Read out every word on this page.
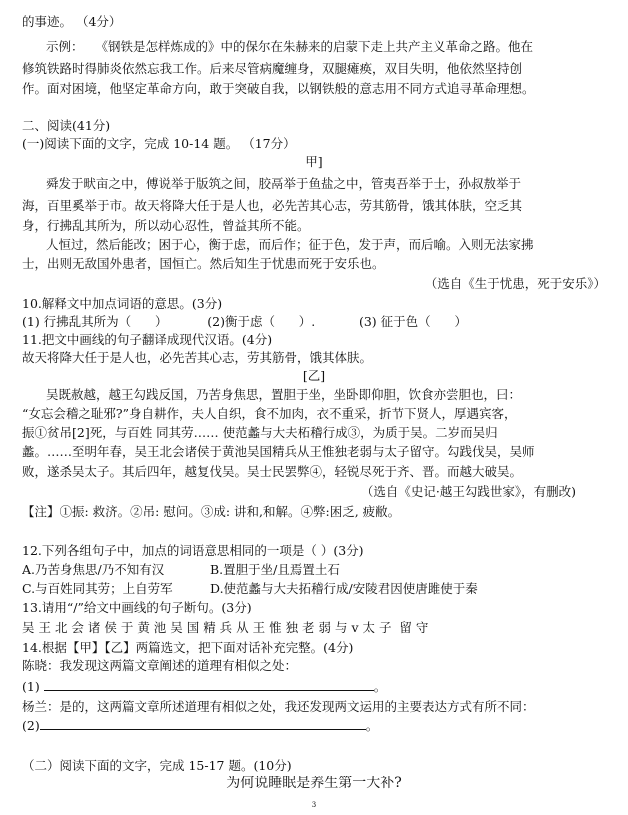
的事迹。 （4分）
示例： 《钢铁是怎样炼成的》中的保尔在朱赫来的启蒙下走上共产主义革命之路。他在
修筑铁路时得肺炎依然忘我工作。后来尽管病魔缠身，双腿瘫痪，双目失明，他依然坚持创
作。面对困境，他坚定革命方向，敢于突破自我，以钢铁般的意志用不同方式追寻革命理想。
二、阅读(41分)
(一)阅读下面的文字，完成 10-14 题。 （17分）
甲]
舜发于畎亩之中，傅说举于版筑之间，胶鬲举于鱼盐之中，管夷吾举于士，孙叔敖举于
海，百里奚举于市。故天将降大任于是人也，必先苦其心志，劳其筋骨，饿其体肤，空乏其
身，行拂乱其所为，所以动心忍性，曾益其所不能。
人恒过，然后能改；困于心，衡于虑，而后作；征于色，发于声，而后喻。入则无法家拂
士，出则无敌国外患者，国恒亡。然后知生于忧患而死于安乐也。
（选自《生于忧患，死于安乐》）
10.解释文中加点词语的意思。(3分)
(1) 行拂乱其所为（      ）          (2)衡于虑（      ）.           (3) 征于色（      ）
11.把文中画线的句子翻译成现代汉语。(4分)
故天将降大任于是人也，必先苦其心志，劳其筋骨，饿其体肤。
[乙]
吴既赦越，越王勾践反国，乃苦身焦思，置胆于坐，坐卧即仰胆，饮食亦尝胆也，曰：
“女忘会稽之耻邪?”身自耕作，夫人自织，食不加肉，衣不重采，折节下贤人，厚遇宾客，
振①贫吊[2]死，与百姓 同其劳…… 使范蠡与大夫柘稽行成③，为质于吴。二岁而吴归
蠡。……至明年春，吴王北会诸侯于黄池吴国精兵从王惟独老弱与太子留守。勾践伐吴，吴师
败，遂杀吴太子。其后四年，越复伐吴。吴士民罢弊④，轻锐尽死于齐、晋。而越大破吴。
（选自《史记·越王勾践世家》，有删改)
【注】①振: 救济。②吊: 慰问。③成: 讲和,和解。④弊:困乏, 疲敝。
12.下列各组句子中，加点的词语意思相同的一项是（ ）(3分)
A.乃苦身焦思/乃不知有汉	B.置胆于坐/且焉置土石
C.与百姓同其劳；上自劳军	D.使范蠡与大夫拓稽行成/安陵君因使唐雎使于秦
13.请用“/”给文中画线的句子断句。(3分)
吴 王 北 会 诸 侯 于 黄 池 吴 国 精 兵 从 王 惟 独 老 弱 与 v 太 子  留 守
14.根据【甲】【乙】两篇选文，把下面对话补充完整。(4分)
陈晓：我发现这两篇文章阐述的道理有相似之处：
(1)	。
杨兰：是的，这两篇文章所述道理有相似之处，我还发现两文运用的主要表达方式有所不同：
(2)	。
（二）阅读下面的文字，完成 15-17 题。(10分)
为何说睡眠是养生第一大补?
3
